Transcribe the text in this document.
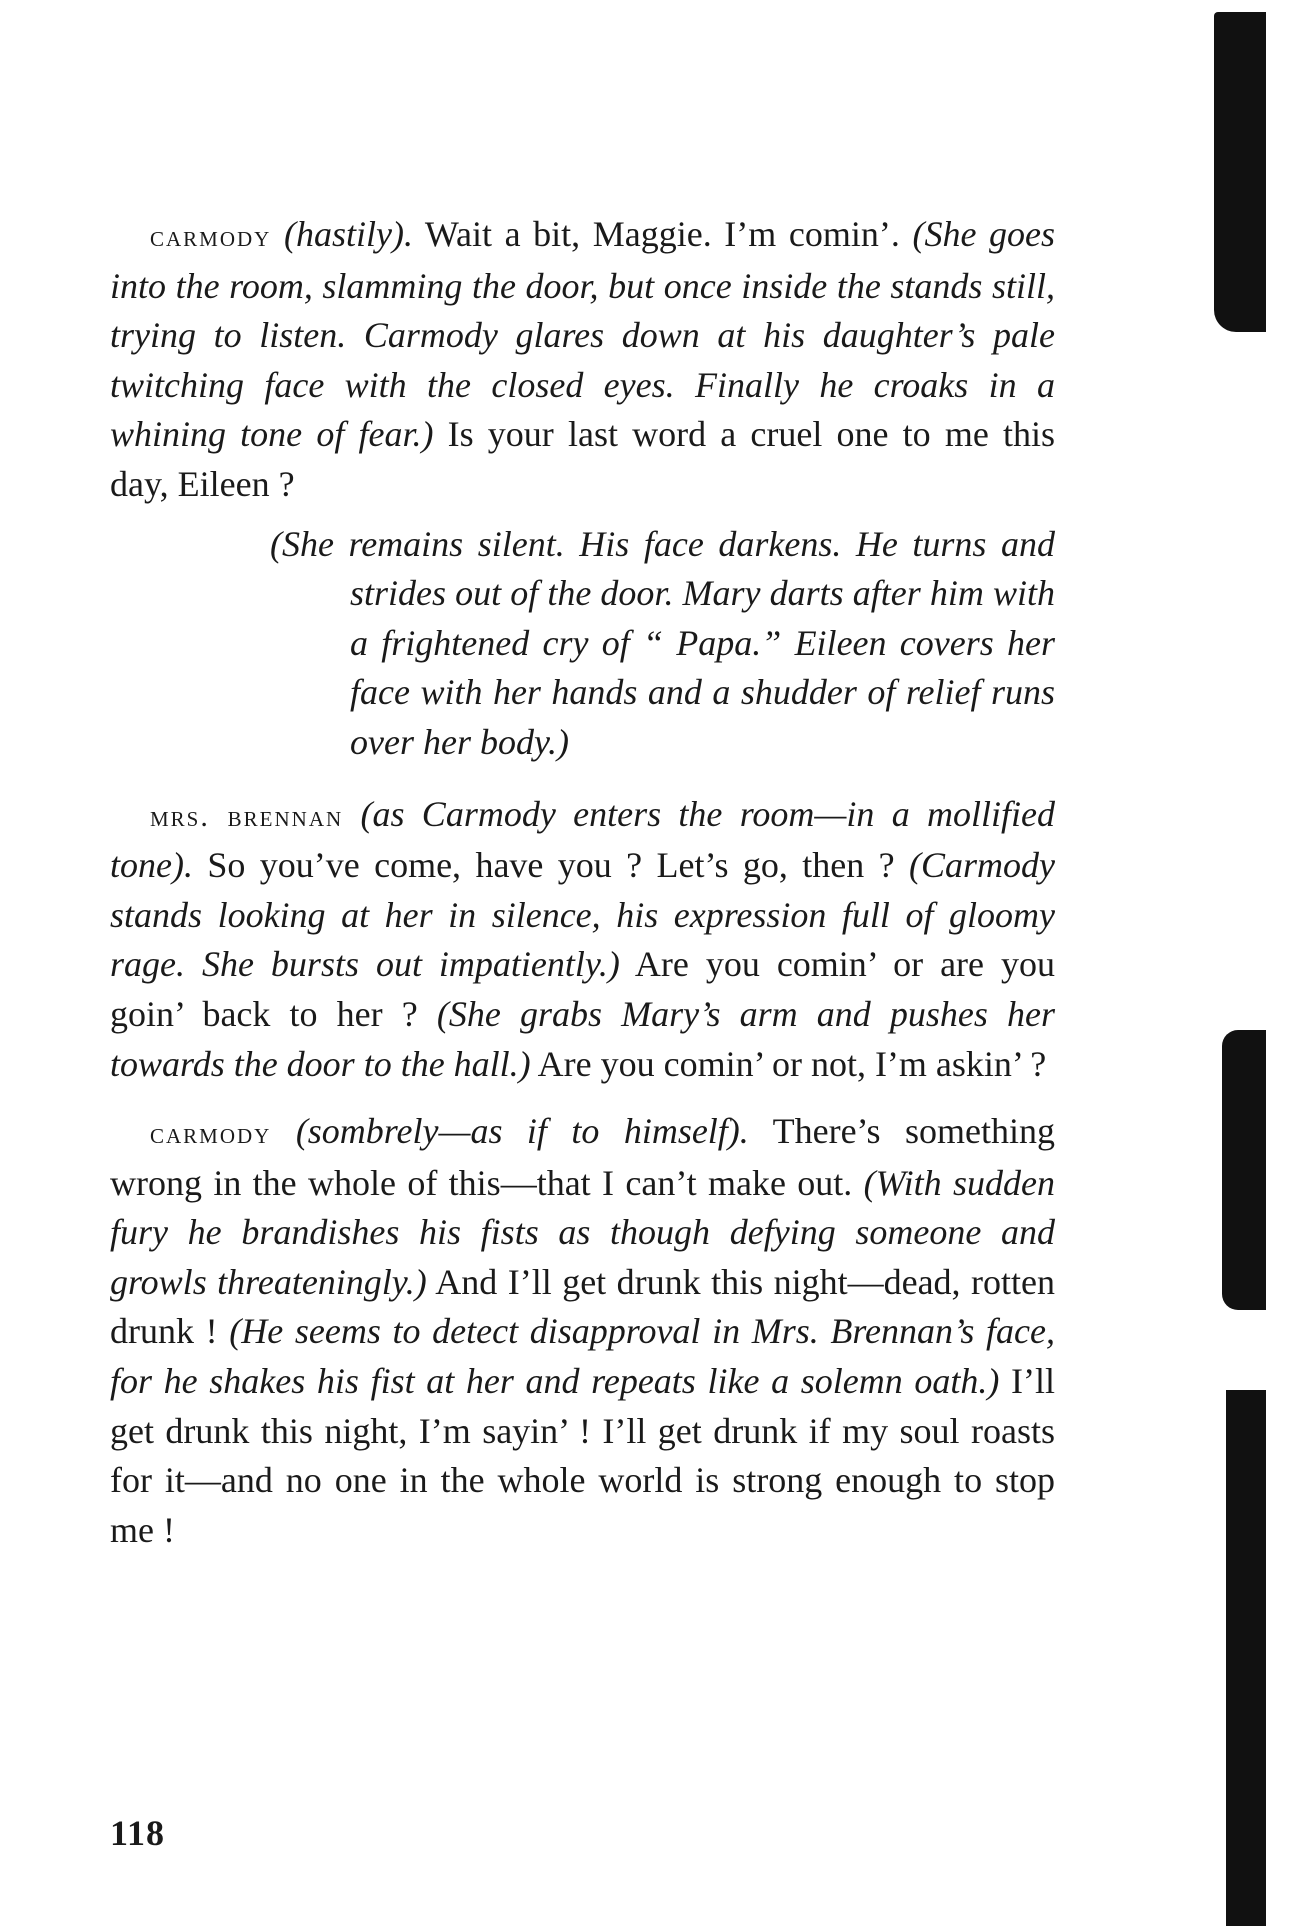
carmody (hastily). Wait a bit, Maggie. I’m comin’. (She goes into the room, slamming the door, but once inside the stands still, trying to listen. Carmody glares down at his daughter’s pale twitching face with the closed eyes. Finally he croaks in a whining tone of fear.) Is your last word a cruel one to me this day, Eileen ?

(She remains silent. His face darkens. He turns and strides out of the door. Mary darts after him with a frightened cry of “ Papa.” Eileen covers her face with her hands and a shudder of relief runs over her body.)

mrs. brennan (as Carmody enters the room—in a mollified tone). So you’ve come, have you ? Let’s go, then ? (Carmody stands looking at her in silence, his expression full of gloomy rage. She bursts out impatiently.) Are you comin’ or are you goin’ back to her ? (She grabs Mary’s arm and pushes her towards the door to the hall.) Are you comin’ or not, I’m askin’ ?

carmody (sombrely—as if to himself). There’s something wrong in the whole of this—that I can’t make out. (With sudden fury he brandishes his fists as though defying someone and growls threateningly.) And I’ll get drunk this night—dead, rotten drunk ! (He seems to detect disapproval in Mrs. Brennan’s face, for he shakes his fist at her and repeats like a solemn oath.) I’ll get drunk this night, I’m sayin’ ! I’ll get drunk if my soul roasts for it—and no one in the whole world is strong enough to stop me !

118
